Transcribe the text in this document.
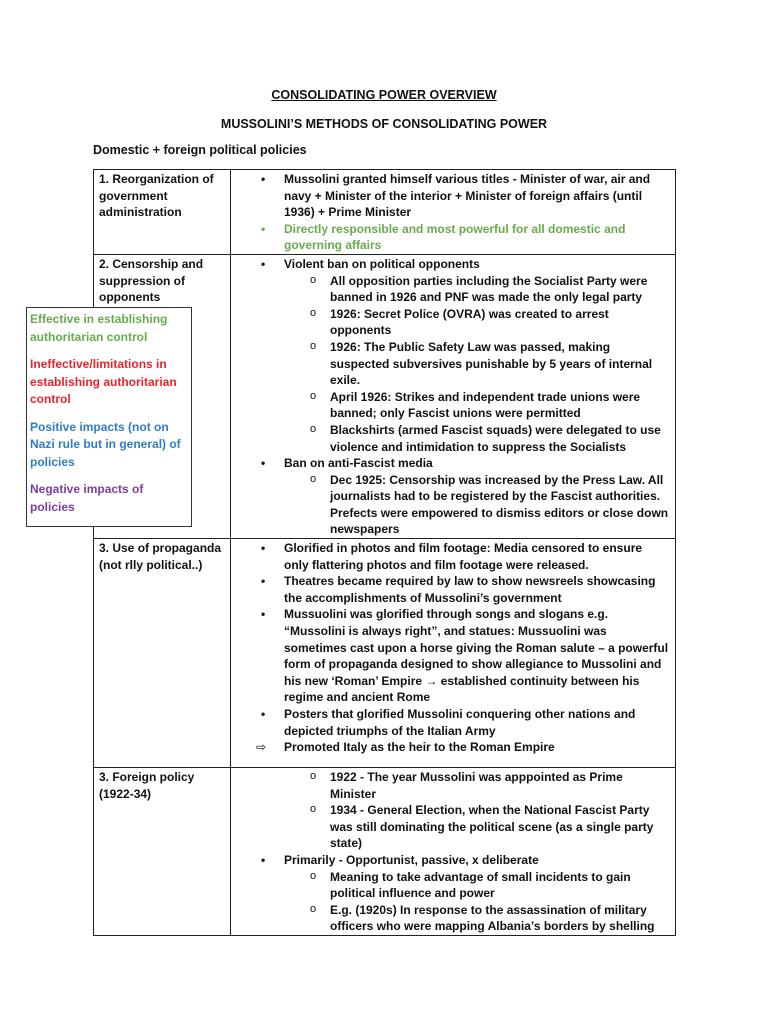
CONSOLIDATING POWER OVERVIEW
MUSSOLINI’S METHODS OF CONSOLIDATING POWER
Domestic + foreign political policies
1. Reorganization of government administration	
• Mussolini granted himself various titles - Minister of war, air and navy + Minister of the interior + Minister of foreign affairs (until 1936) + Prime Minister
• Directly responsible and most powerful for all domestic and governing affairs

2. Censorship and suppression of opponents	
• Violent ban on political opponents
o All opposition parties including the Socialist Party were banned in 1926 and PNF was made the only legal party
o 1926: Secret Police (OVRA) was created to arrest opponents
o 1926: The Public Safety Law was passed, making suspected subversives punishable by 5 years of internal exile.
o April 1926: Strikes and independent trade unions were banned; only Fascist unions were permitted
o Blackshirts (armed Fascist squads) were delegated to use violence and intimidation to suppress the Socialists
• Ban on anti-Fascist media
o Dec 1925: Censorship was increased by the Press Law. All journalists had to be registered by the Fascist authorities. Prefects were empowered to dismiss editors or close down newspapers

3. Use of propaganda (not rlly political..)	
• Glorified in photos and film footage: Media censored to ensure only flattering photos and film footage were released.
• Theatres became required by law to show newsreels showcasing the accomplishments of Mussolini’s government
• Mussuolini was glorified through songs and slogans e.g. “Mussolini is always right”, and statues: Mussuolini was sometimes cast upon a horse giving the Roman salute – a powerful form of propaganda designed to show allegiance to Mussolini and his new ‘Roman’ Empire → established continuity between his regime and ancient Rome
• Posters that glorified Mussolini conquering other nations and depicted triumphs of the Italian Army
⇨ Promoted Italy as the heir to the Roman Empire

3. Foreign policy (1922-34)	
o 1922 - The year Mussolini was apppointed as Prime Minister
o 1934 - General Election, when the National Fascist Party was still dominating the political scene (as a single party state)
• Primarily - Opportunist, passive, x deliberate
o Meaning to take advantage of small incidents to gain political influence and power
o E.g. (1920s) In response to the assassination of military officers who were mapping Albania’s borders by shelling

Effective in establishing authoritarian control

Ineffective/limitations in establishing authoritarian control

Positive impacts (not on Nazi rule but in general) of policies

Negative impacts of policies
